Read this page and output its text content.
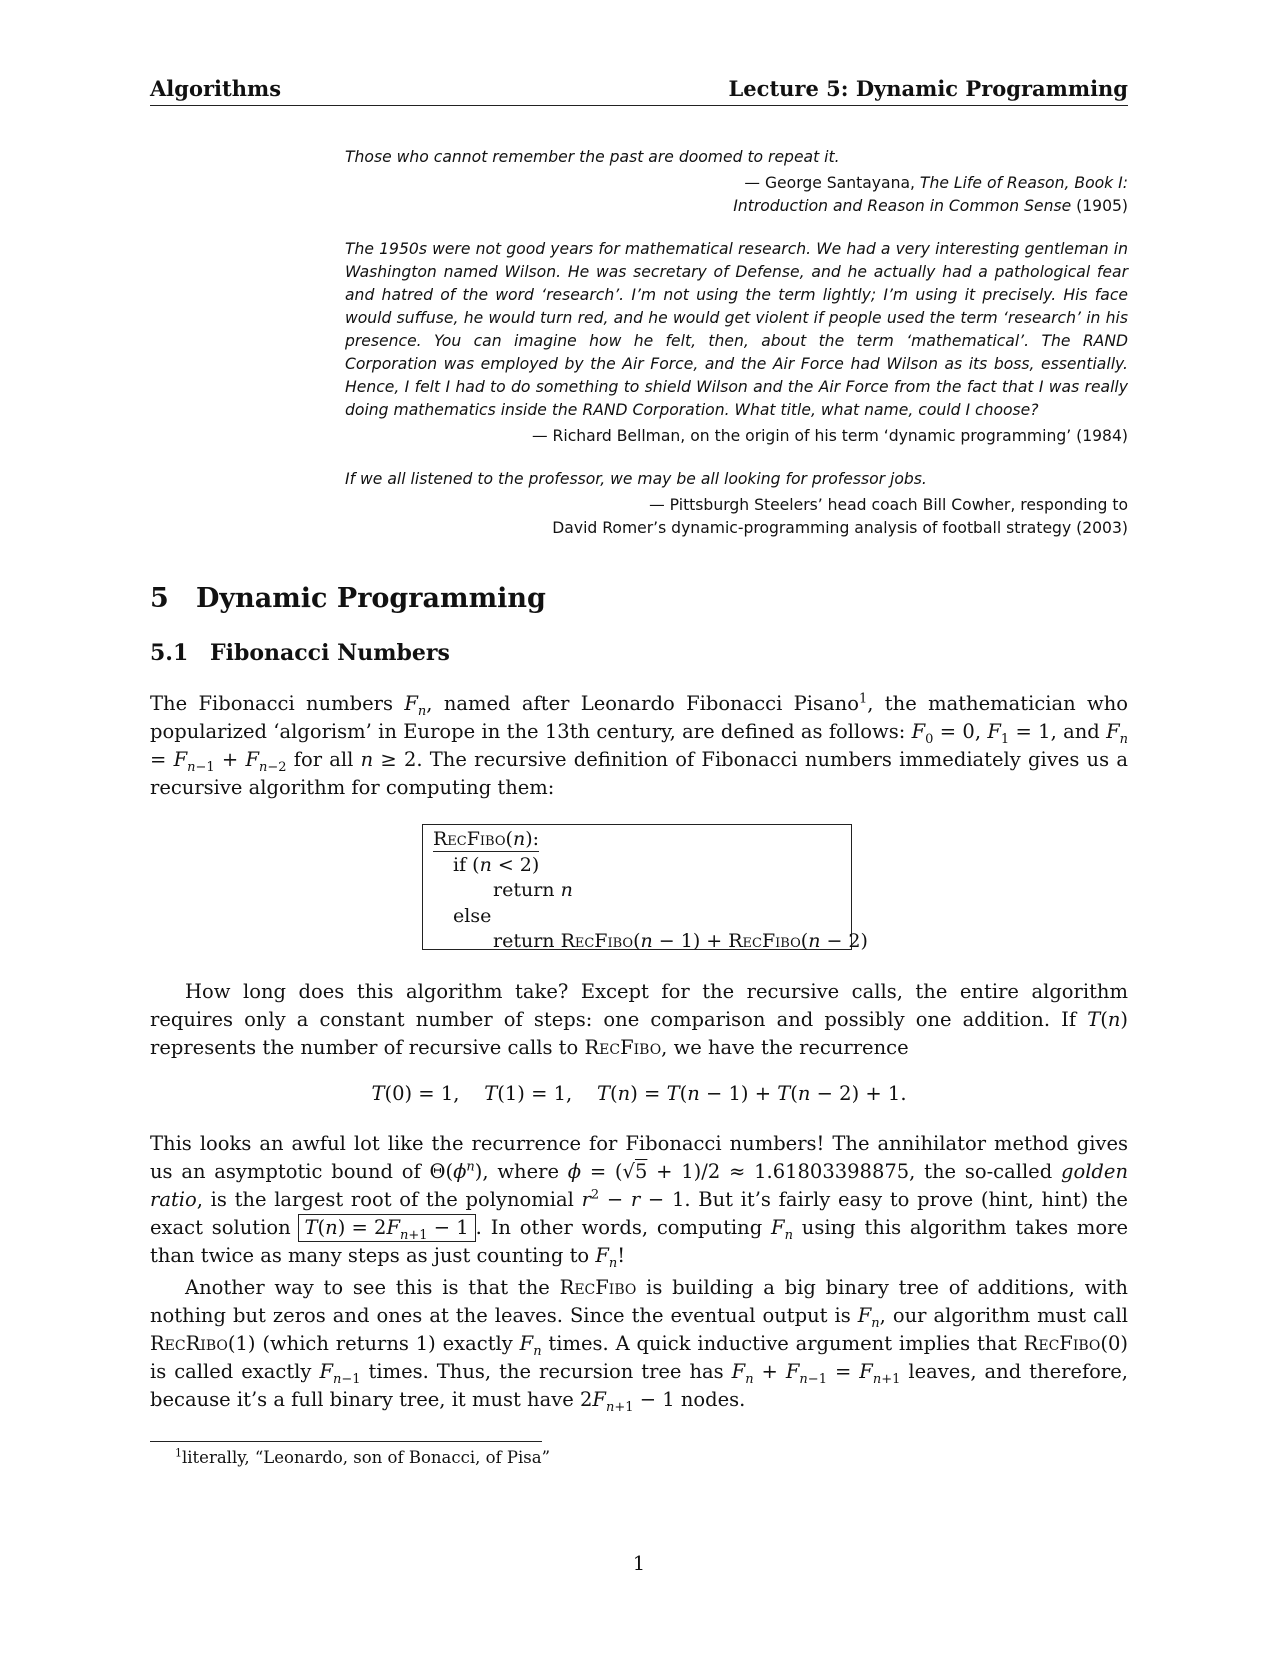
Algorithms	Lecture 5: Dynamic Programming

Those who cannot remember the past are doomed to repeat it.

— George Santayana, The Life of Reason, Book I:
Introduction and Reason in Common Sense (1905)

The 1950s were not good years for mathematical research. We had a very interesting gentleman in Washington named Wilson. He was secretary of Defense, and he actually had a pathological fear and hatred of the word ‘research’. I’m not using the term lightly; I’m using it precisely. His face would suffuse, he would turn red, and he would get violent if people used the term ‘research’ in his presence. You can imagine how he felt, then, about the term ‘mathematical’. The RAND Corporation was employed by the Air Force, and the Air Force had Wilson as its boss, essentially. Hence, I felt I had to do something to shield Wilson and the Air Force from the fact that I was really doing mathematics inside the RAND Corporation. What title, what name, could I choose?

— Richard Bellman, on the origin of his term ‘dynamic programming’ (1984)

If we all listened to the professor, we may be all looking for professor jobs.

— Pittsburgh Steelers’ head coach Bill Cowher, responding to
David Romer’s dynamic-programming analysis of football strategy (2003)

5 Dynamic Programming
5.1 Fibonacci Numbers

The Fibonacci numbers $F_n$, named after Leonardo Fibonacci Pisano$^1$, the mathematician who popularized ‘algorism’ in Europe in the 13th century, are defined as follows: $F_0 = 0$, $F_1 = 1$, and $F_n = F_{n-1} + F_{n-2}$ for all n ≥ 2. The recursive definition of Fibonacci numbers immediately gives us a recursive algorithm for computing them:

RecFibo(n):
if (n < 2)
return n
else
return RecFibo(n − 1) + RecFibo(n − 2)

How long does this algorithm take? Except for the recursive calls, the entire algorithm requires only a constant number of steps: one comparison and possibly one addition. If T(n) represents the number of recursive calls to RecFibo, we have the recurrence

T(0) = 1,    T(1) = 1,    T(n) = T(n − 1) + T(n − 2) + 1.

This looks an awful lot like the recurrence for Fibonacci numbers! The annihilator method gives us an asymptotic bound of $\Theta(\phi^n)$, where ϕ = (√5 + 1)/2 ≈ 1.61803398875, the so-called golden ratio, is the largest root of the polynomial $r^2 - r - 1$. But it’s fairly easy to prove (hint, hint) the exact solution $T(n) = 2F_{n+1} - 1$ . In other words, computing $F_n$ using this algorithm takes more than twice as many steps as just counting to $F_n$!

Another way to see this is that the RecFibo is building a big binary tree of additions, with nothing but zeros and ones at the leaves. Since the eventual output is $F_n$, our algorithm must call RecRibo(1) (which returns 1) exactly $F_n$ times. A quick inductive argument implies that RecFibo(0) is called exactly $F_{n-1}$ times. Thus, the recursion tree has $F_n + F_{n-1} = F_{n+1}$ leaves, and therefore, because it’s a full binary tree, it must have $2F_{n+1} - 1$ nodes.

$^1$literally, “Leonardo, son of Bonacci, of Pisa”

1
